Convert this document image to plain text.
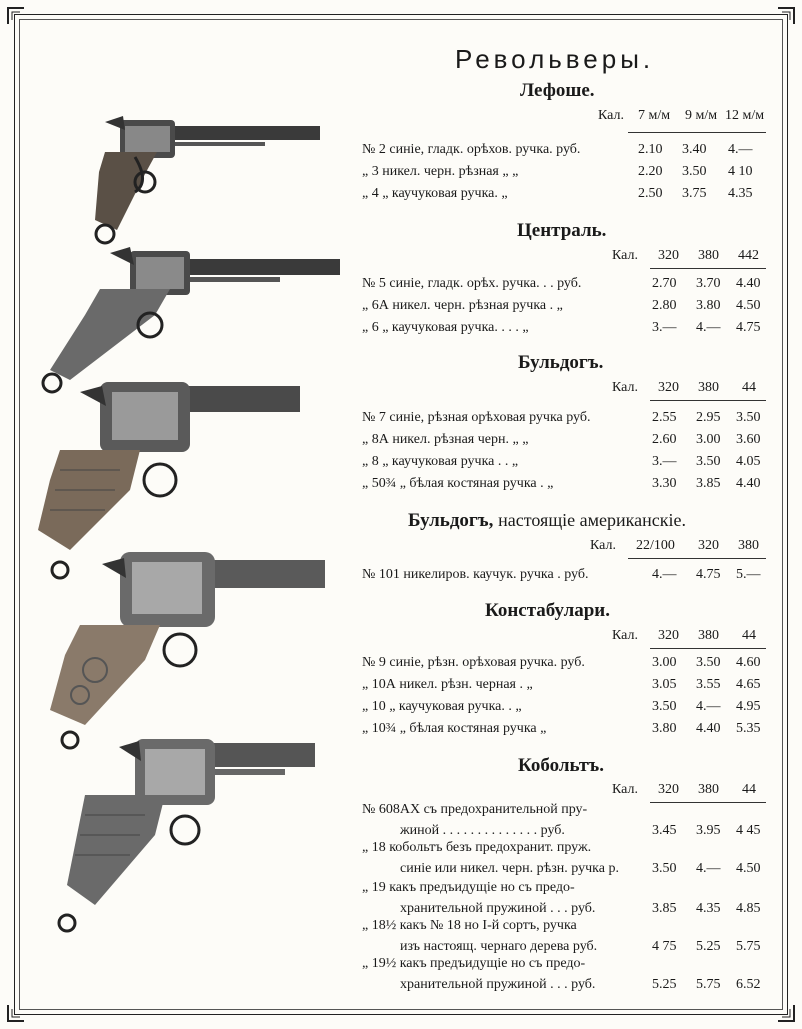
Револьверы.
Лефоше.
Кал. 7 м/м 9 м/м 12 м/м
№ 2 синіе, гладк. орѣхов. ручка. руб.	2.10 3.40 4.—
„ 3 никел. черн. рѣзная „ „	2.20 3.50 4 10
„ 4 „ каучуковая ручка. „	2.50 3.75 4.35
Централь.
Кал. 320 380 442
№ 5 синіе, гладк. орѣх. ручка. . . руб.	2.70 3.70 4.40
„ 6А никел. черн. рѣзная ручка . „	2.80 3.80 4.50
„ 6 „ каучуковая ручка. . . . „	3.— 4.— 4.75
Бульдогъ.
Кал. 320 380 44
№ 7 синіе, рѣзная орѣховая ручка руб.	2.55 2.95 3.50
„ 8А никел. рѣзная черн. „ „	2.60 3.00 3.60
„ 8 „ каучуковая ручка . . „	3.— 3.50 4.05
„ 50¾ „ бѣлая костяная ручка . „	3.30 3.85 4.40
Бульдогъ, настоящіе американскіе.
Кал. 22/100 320 380
№ 101 никелиров. каучук. ручка . руб.	4.— 4.75 5.—
Констабулари.
Кал. 320 380 44
№ 9 синіе, рѣзн. орѣховая ручка. руб.	3.00 3.50 4.60
„ 10А никел. рѣзн. черная . „	3.05 3.55 4.65
„ 10 „ каучуковая ручка. . „	3.50 4.— 4.95
„ 10¾ „ бѣлая костяная ручка „	3.80 4.40 5.35
Кобольтъ.
Кал. 320 380 44
№ 608AX съ предохранительной пру-
жиной . . . . . . . . . . . . . . руб.	3.45 3.95 4 45
„ 18 кобольтъ безъ предохранит. пруж.
синіе или никел. черн. рѣзн. ручка р. 3.50 4.— 4.50
„ 19 какъ предъидущіе но съ предо-
хранительной пружиной . . . руб.	3.85 4.35 4.85
„ 18½ какъ № 18 но I-й сортъ, ручка
изъ настоящ. чернаго дерева руб.	4 75 5.25 5.75
„ 19½ какъ предъидущіе но съ предо-
хранительной пружиной . . . руб.	5.25 5.75 6.52
